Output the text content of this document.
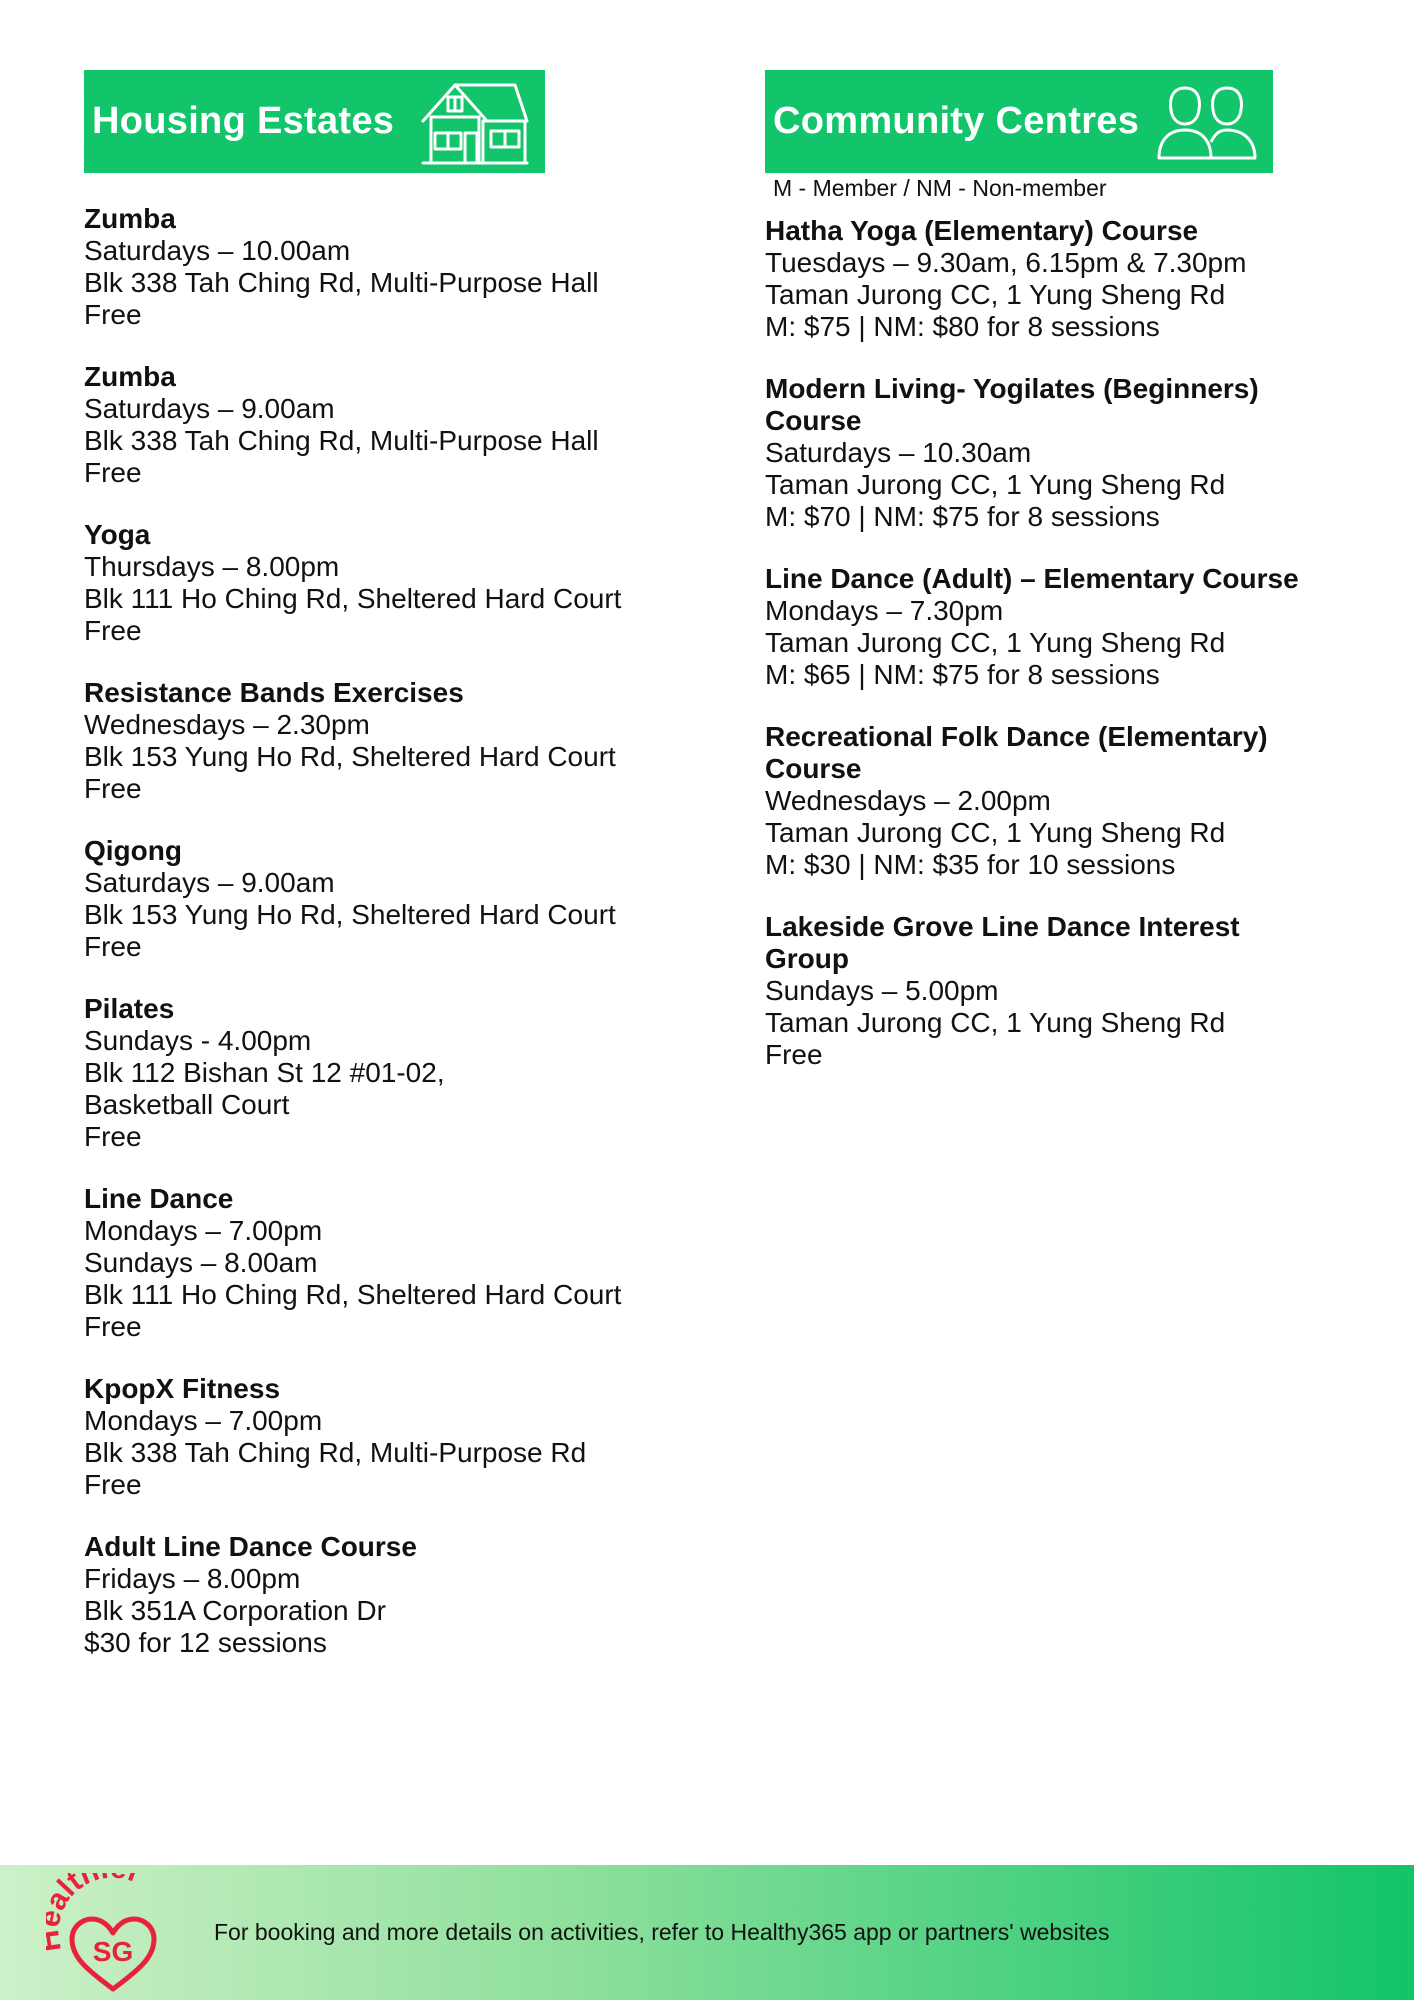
Housing Estates
Zumba
Saturdays – 10.00am
Blk 338 Tah Ching Rd, Multi-Purpose Hall
Free
Zumba
Saturdays – 9.00am
Blk 338 Tah Ching Rd, Multi-Purpose Hall
Free
Yoga
Thursdays – 8.00pm
Blk 111 Ho Ching Rd, Sheltered Hard Court
Free
Resistance Bands Exercises
Wednesdays – 2.30pm
Blk 153 Yung Ho Rd, Sheltered Hard Court
Free
Qigong
Saturdays – 9.00am
Blk 153 Yung Ho Rd, Sheltered Hard Court
Free
Pilates
Sundays - 4.00pm
Blk 112 Bishan St 12 #01-02,
Basketball Court
Free
Line Dance
Mondays – 7.00pm
Sundays – 8.00am
Blk 111 Ho Ching Rd, Sheltered Hard Court
Free
KpopX Fitness
Mondays – 7.00pm
Blk 338 Tah Ching Rd, Multi-Purpose Rd
Free
Adult Line Dance Course
Fridays – 8.00pm
Blk 351A Corporation Dr
$30 for 12 sessions
Community Centres
M - Member / NM - Non-member
Hatha Yoga (Elementary) Course
Tuesdays – 9.30am, 6.15pm & 7.30pm
Taman Jurong CC, 1 Yung Sheng Rd
M: $75 | NM: $80 for 8 sessions
Modern Living- Yogilates (Beginners) Course
Saturdays – 10.30am
Taman Jurong CC, 1 Yung Sheng Rd
M: $70 | NM: $75 for 8 sessions
Line Dance (Adult) – Elementary Course
Mondays – 7.30pm
Taman Jurong CC, 1 Yung Sheng Rd
M: $65 | NM: $75 for 8 sessions
Recreational Folk Dance (Elementary) Course
Wednesdays – 2.00pm
Taman Jurong CC, 1 Yung Sheng Rd
M: $30 | NM: $35 for 10 sessions
Lakeside Grove Line Dance Interest Group
Sundays – 5.00pm
Taman Jurong CC, 1 Yung Sheng Rd
Free
Healthier
SG
For booking and more details on activities, refer to Healthy365 app or partners' websites
